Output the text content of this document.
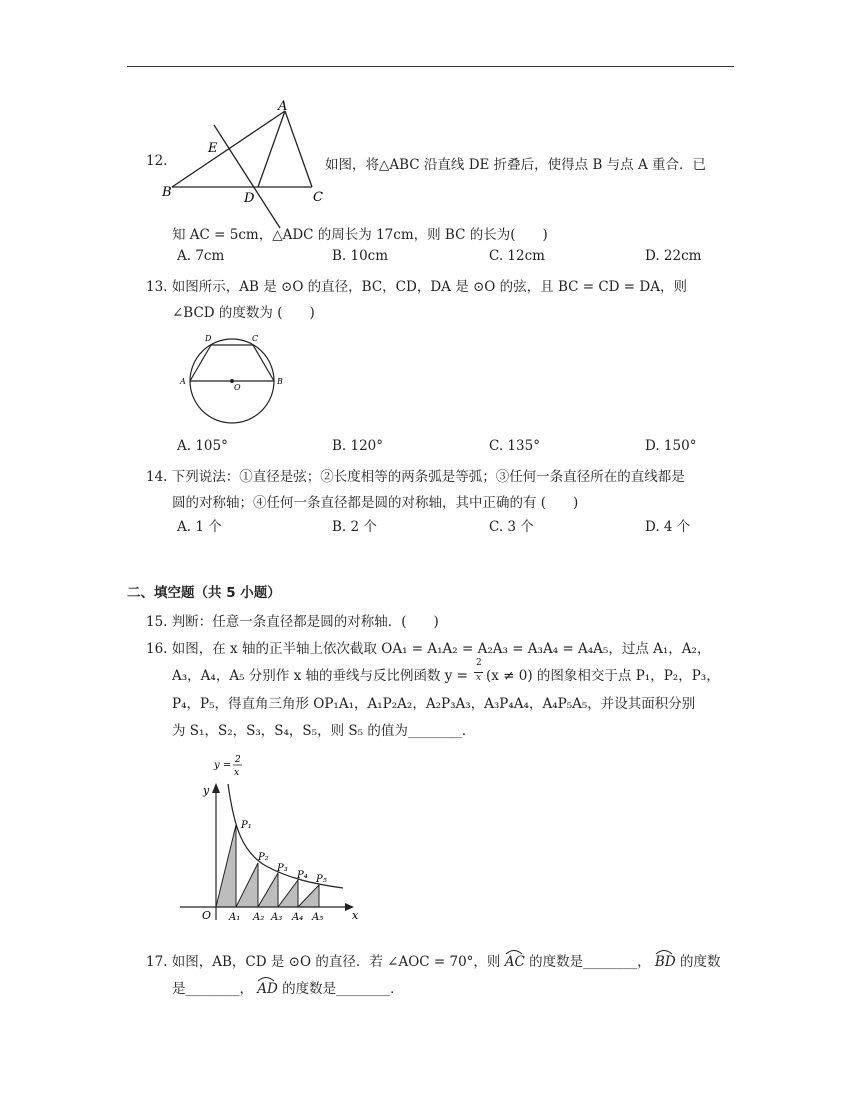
12.
A
B	C
D
E
如图，将△ABC 沿直线 DE 折叠后，使得点 B 与点 A 重合．已
知 AC = 5cm，△ADC 的周长为 17cm，则 BC 的长为(　　)
A. 7cm	B. 10cm	C. 12cm	D. 22cm
13. 如图所示，AB 是 ⊙O 的直径，BC，CD，DA 是 ⊙O 的弦，且 BC = CD = DA，则
∠BCD 的度数为 (　　)
A	B
C
D
O
A. 105°	B. 120°	C. 135°	D. 150°
14. 下列说法：①直径是弦；②长度相等的两条弧是等弧；③任何一条直径所在的直线都是
圆的对称轴；④任何一条直径都是圆的对称轴，其中正确的有 (　　)
A. 1 个	B. 2 个	C. 3 个	D. 4 个
二、填空题（共 5 小题）
15. 判断：任意一条直径都是圆的对称轴．(　　)
16. 如图，在 x 轴的正半轴上依次截取 OA₁ = A₁A₂ = A₂A₃ = A₃A₄ = A₄A₅，过点 A₁，A₂，
A₃，A₄，A₅ 分别作 x 轴的垂线与反比例函数 y =
2
x (x ≠ 0) 的图象相交于点 P₁，P₂，P₃，
P₄，P₅，得直角三角形 OP₁A₁，A₁P₂A₂，A₂P₃A₃，A₃P₄A₄，A₄P₅A₅，并设其面积分别
为 S₁，S₂，S₃，S₄，S₅，则 S₅ 的值为________．
y = 2
x
y
x
O
P₁
P₂
P₃
P₄ P₅
A₁ A₂ A₃ A₄ A₅
17. 如图，AB，CD 是 ⊙O 的直径．若 ∠AOC = 70°，则 AC 的度数是________， BD 的度数
是________， AD 的度数是________．
